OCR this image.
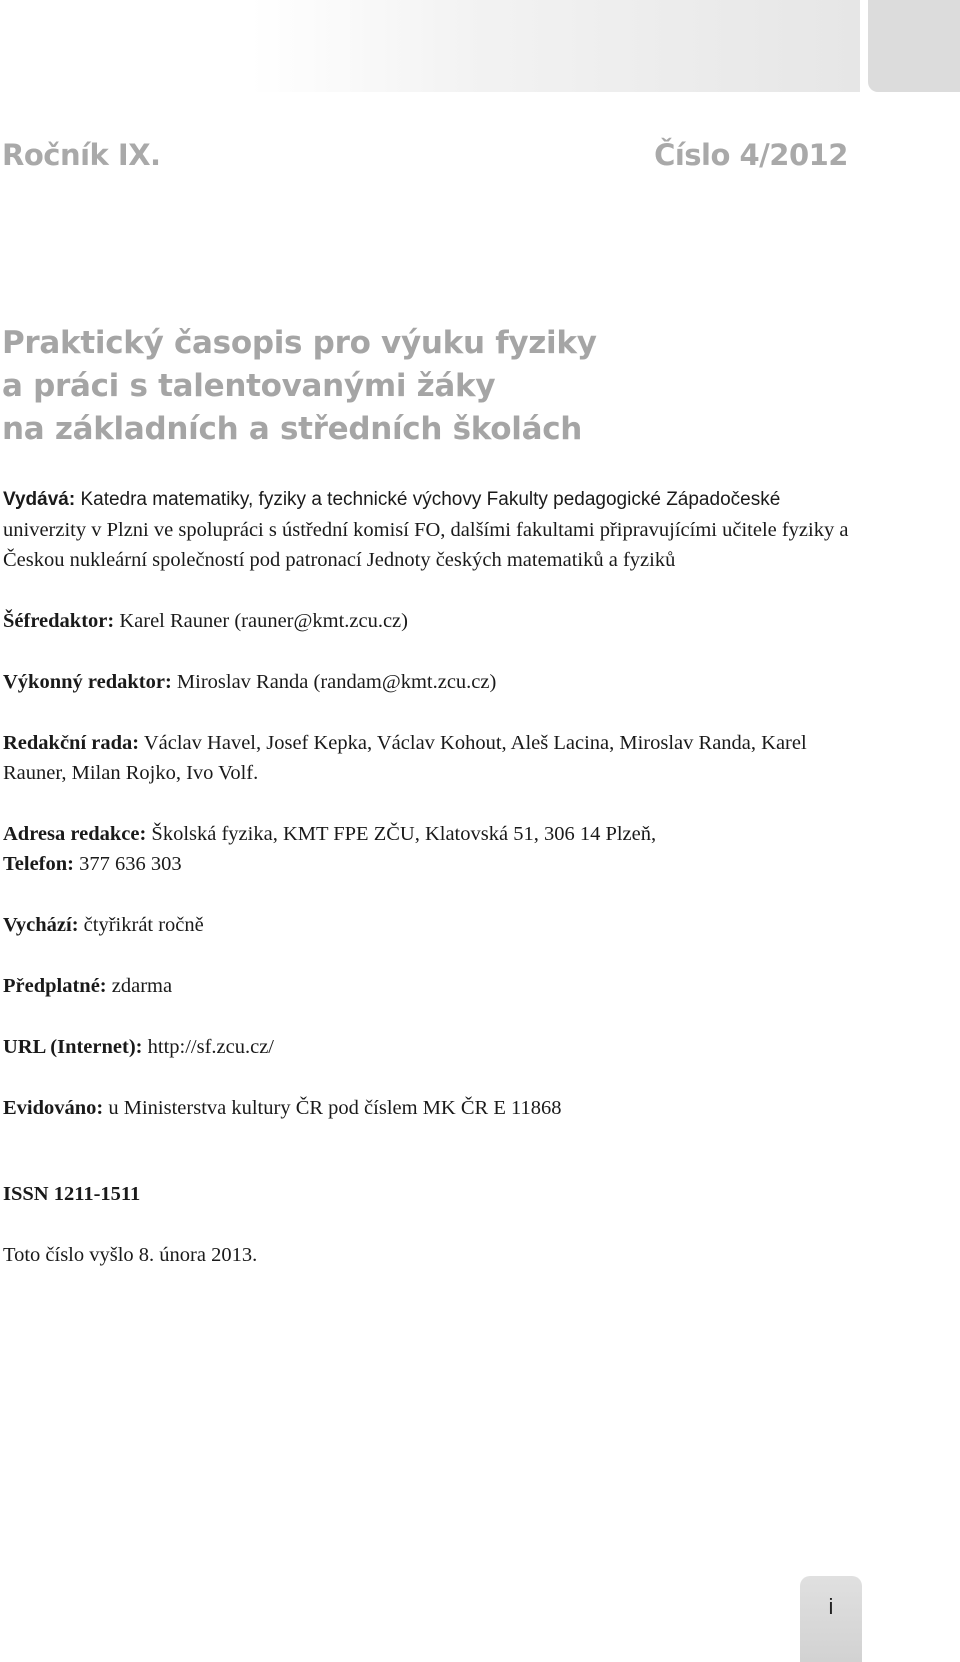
Ročník IX.	Číslo 4/2012
Praktický časopis pro výuku fyziky
a práci s talentovanými žáky
na základních a středních školách

Vydává: Katedra matematiky, fyziky a technické výchovy Fakulty pedagogické Západočeské univerzity v Plzni ve spolupráci s ústřední komisí FO, dalšími fakultami připravujícími učitele fyziky a Českou nukleární společností pod patronací Jednoty českých matematiků a fyziků

Šéfredaktor: Karel Rauner (rauner@kmt.zcu.cz)

Výkonný redaktor: Miroslav Randa (randam@kmt.zcu.cz)

Redakční rada: Václav Havel, Josef Kepka, Václav Kohout, Aleš Lacina, Miroslav Randa, Karel Rauner, Milan Rojko, Ivo Volf.

Adresa redakce: Školská fyzika, KMT FPE ZČU, Klatovská 51, 306 14 Plzeň,
Telefon: 377 636 303

Vychází: čtyřikrát ročně

Předplatné: zdarma

URL (Internet): http://sf.zcu.cz/

Evidováno: u Ministerstva kultury ČR pod číslem MK ČR E 11868

ISSN 1211-1511

Toto číslo vyšlo 8. února 2013.

i
